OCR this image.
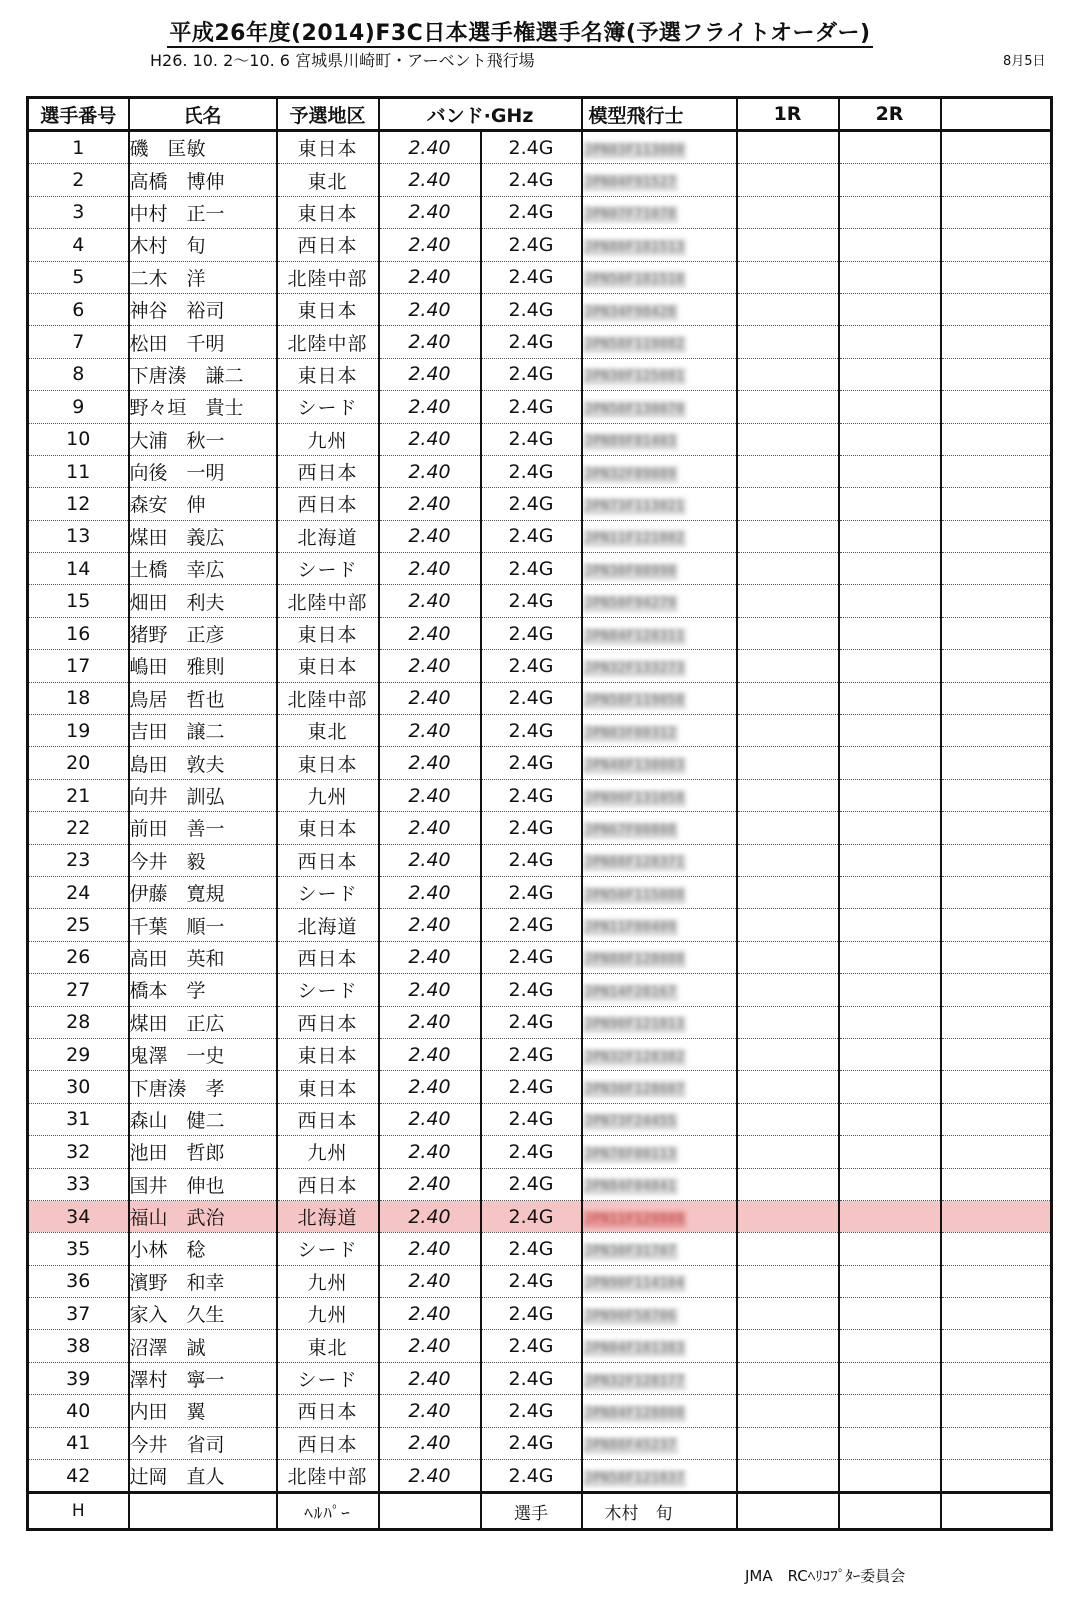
平成26年度(2014)F3C日本選手権選手名簿(予選フライトオーダー)
H26. 10. 2～10. 6 宮城県川崎町・アーベント飛行場	8月5日
選手番号	氏名	予選地区	バンド·GHz		模型飛行士	1R	2R	
1	磯　匡敏	東日本	2.40	2.4G	JPN03F113080			
2	高橋　博伸	東北	2.40	2.4G	JPN04F91527			
3	中村　正一	東日本	2.40	2.4G	JPN07F71078			
4	木村　旬	西日本	2.40	2.4G	JPN80F181513			
5	二木　洋	北陸中部	2.40	2.4G	JPN50F181510			
6	神谷　裕司	東日本	2.40	2.4G	JPN34F98428			
7	松田　千明	北陸中部	2.40	2.4G	JPN58F119082			
8	下唐湊　謙二	東日本	2.40	2.4G	JPN30F125081			
9	野々垣　貴士	シード	2.40	2.4G	JPN50F130070			
10	大浦　秋一	九州	2.40	2.4G	JPN89F81403			
11	向後　一明	西日本	2.40	2.4G	JPN32F89089			
12	森安　伸	西日本	2.40	2.4G	JPN73F113021			
13	煤田　義広	北海道	2.40	2.4G	JPN11F121802			
14	土橋　幸広	シード	2.40	2.4G	JPN30F08990			
15	畑田　利夫	北陸中部	2.40	2.4G	JPN50F94279			
16	猪野　正彦	東日本	2.40	2.4G	JPN84F128311			
17	嶋田　雅則	東日本	2.40	2.4G	JPN32F133273			
18	鳥居　哲也	北陸中部	2.40	2.4G	JPN58F119058			
19	吉田　譲二	東北	2.40	2.4G	JPN03F00312			
20	島田　敦夫	東日本	2.40	2.4G	JPN48F130083			
21	向井　訓弘	九州	2.40	2.4G	JPN90F131058			
22	前田　善一	東日本	2.40	2.4G	JPN67F00808			
23	今井　毅	西日本	2.40	2.4G	JPN88F128371			
24	伊藤　寛規	シード	2.40	2.4G	JPN50F115088			
25	千葉　順一	北海道	2.40	2.4G	JPN11F00409			
26	高田　英和	西日本	2.40	2.4G	JPN88F128088			
27	橋本　学	シード	2.40	2.4G	JPN14F28167			
28	煤田　正広	西日本	2.40	2.4G	JPN90F121813			
29	鬼澤　一史	東日本	2.40	2.4G	JPN32F128382			
30	下唐湊　孝	東日本	2.40	2.4G	JPN30F128607			
31	森山　健二	西日本	2.40	2.4G	JPN73F24455			
32	池田　哲郎	九州	2.40	2.4G	JPN78F00113			
33	国井　伸也	西日本	2.40	2.4G	JPN84F04841			
34	福山　武治	北海道	2.40	2.4G	JPN11F129808			
35	小林　稔	シード	2.40	2.4G	JPN30F31707			
36	濱野　和幸	九州	2.40	2.4G	JPN90F114104			
37	家入　久生	九州	2.40	2.4G	JPN90F58706			
38	沼澤　誠	東北	2.40	2.4G	JPN04F101383			
39	澤村　寧一	シード	2.40	2.4G	JPN32F128177			
40	内田　翼	西日本	2.40	2.4G	JPN84F128808			
41	今井　省司	西日本	2.40	2.4G	JPN88F45237			
42	辻岡　直人	北陸中部	2.40	2.4G	JPN58F121837			
H		ﾍﾙﾊﾟｰ		選手	木村　旬			
JMA　RCﾍﾘｺﾌﾟﾀｰ委員会
